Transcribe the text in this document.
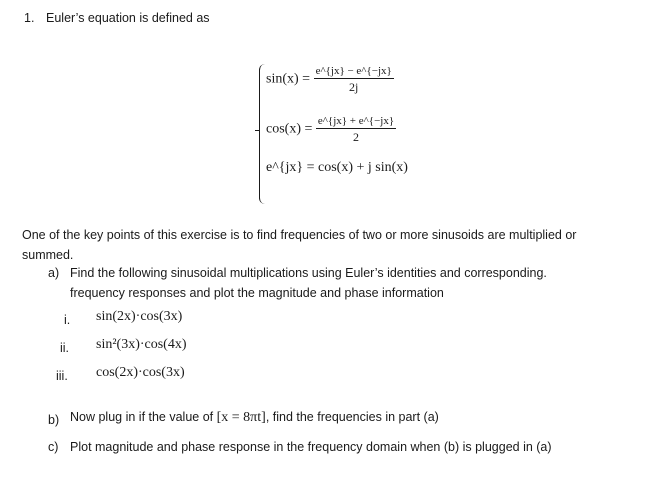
1. Euler’s equation is defined as
$\sin(x) = \frac{e\^{}\{jx\} - e\^{}\{-jx\}}{2j}$
$\cos(x) = \frac{e\^{}\{jx\} + e\^{}\{-jx\}}{2}$
e^{jx} = cos(x) + j sin(x)
One of the key points of this exercise is to find frequencies of two or more sinusoids are multiplied or
summed.
a) Find the following sinusoidal multiplications using Euler’s identities and corresponding.
frequency responses and plot the magnitude and phase information
i. sin(2x)·cos(3x)
ii. sin²(3x)·cos(4x)
iii. cos(2x)·cos(3x)
b) Now plug in if the value of [x = 8πt], find the frequencies in part (a)
c) Plot magnitude and phase response in the frequency domain when (b) is plugged in (a)
